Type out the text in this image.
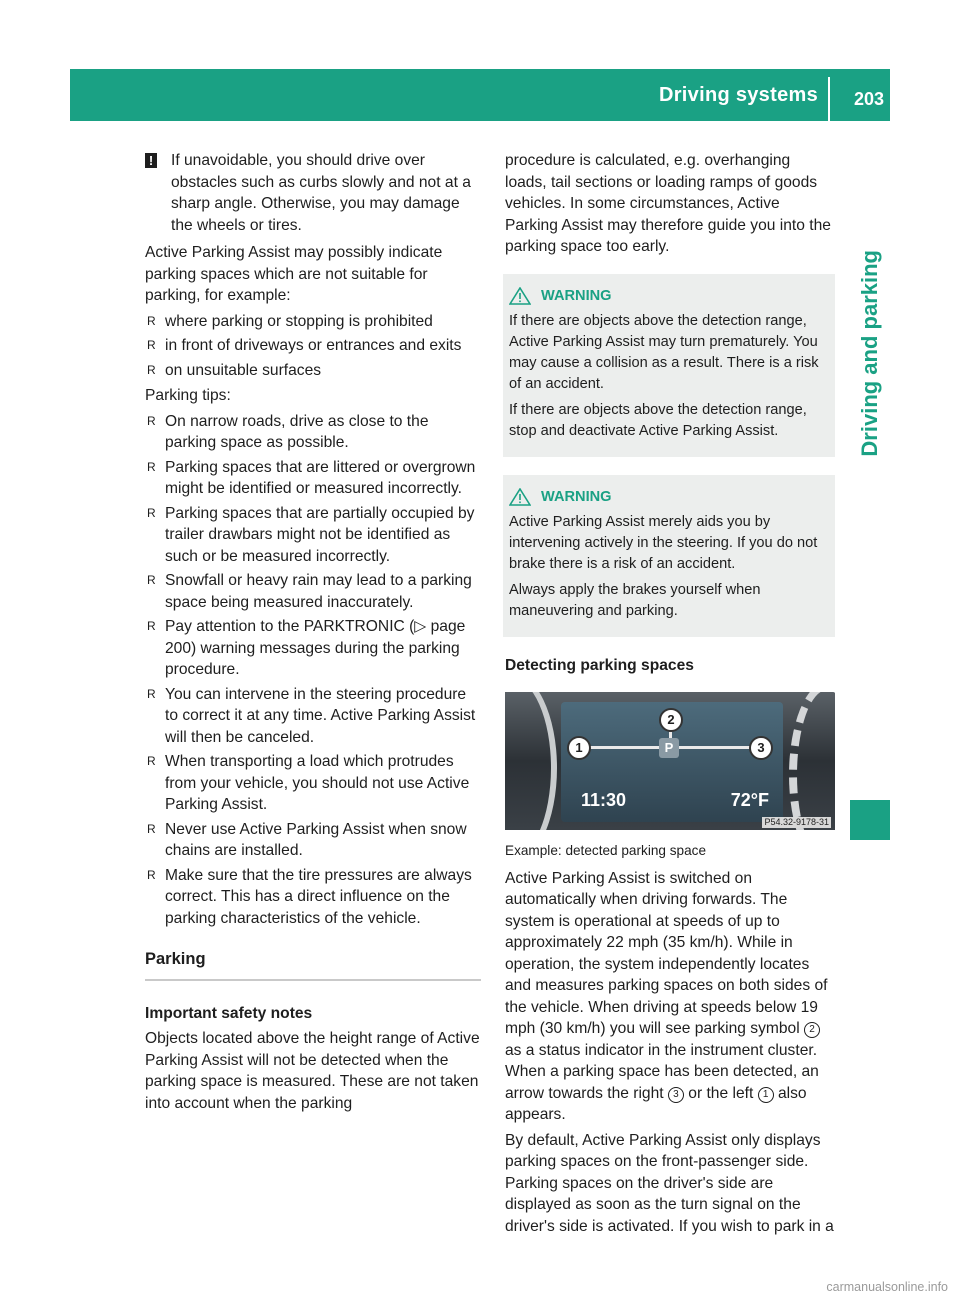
Driving systems 203
Driving and parking
! If unavoidable, you should drive over obstacles such as curbs slowly and not at a sharp angle. Otherwise, you may damage the wheels or tires.

Active Parking Assist may possibly indicate parking spaces which are not suitable for parking, for example:

R where parking or stopping is prohibited
R in front of driveways or entrances and exits
R on unsuitable surfaces

Parking tips:

R On narrow roads, drive as close to the parking space as possible.
R Parking spaces that are littered or overgrown might be identified or measured incorrectly.
R Parking spaces that are partially occupied by trailer drawbars might not be identified as such or be measured incorrectly.
R Snowfall or heavy rain may lead to a parking space being measured inaccurately.
R Pay attention to the PARKTRONIC (▷ page 200) warning messages during the parking procedure.
R You can intervene in the steering procedure to correct it at any time. Active Parking Assist will then be canceled.
R When transporting a load which protrudes from your vehicle, you should not use Active Parking Assist.
R Never use Active Parking Assist when snow chains are installed.
R Make sure that the tire pressures are always correct. This has a direct influence on the parking characteristics of the vehicle.
Parking
Important safety notes

Objects located above the height range of Active Parking Assist will not be detected when the parking space is measured. These are not taken into account when the parking

procedure is calculated, e.g. overhanging loads, tail sections or loading ramps of goods vehicles. In some circumstances, Active Parking Assist may therefore guide you into the parking space too early.

WARNING

If there are objects above the detection range, Active Parking Assist may turn prematurely. You may cause a collision as a result. There is a risk of an accident.

If there are objects above the detection range, stop and deactivate Active Parking Assist.

WARNING

Active Parking Assist merely aids you by intervening actively in the steering. If you do not brake there is a risk of an accident.

Always apply the brakes yourself when maneuvering and parking.

Detecting parking spaces
1
2
3
P
11:30	72°F
P54.32-9178-31
Example: detected parking space

Active Parking Assist is switched on automatically when driving forwards. The system is operational at speeds of up to approximately 22 mph (35 km/h). While in operation, the system independently locates and measures parking spaces on both sides of the vehicle. When driving at speeds below 19 mph (30 km/h) you will see parking symbol 2 as a status indicator in the instrument cluster. When a parking space has been detected, an arrow towards the right 3 or the left 1 also appears.

By default, Active Parking Assist only displays parking spaces on the front-passenger side. Parking spaces on the driver's side are displayed as soon as the turn signal on the driver's side is activated. If you wish to park in a

carmanualsonline.info
